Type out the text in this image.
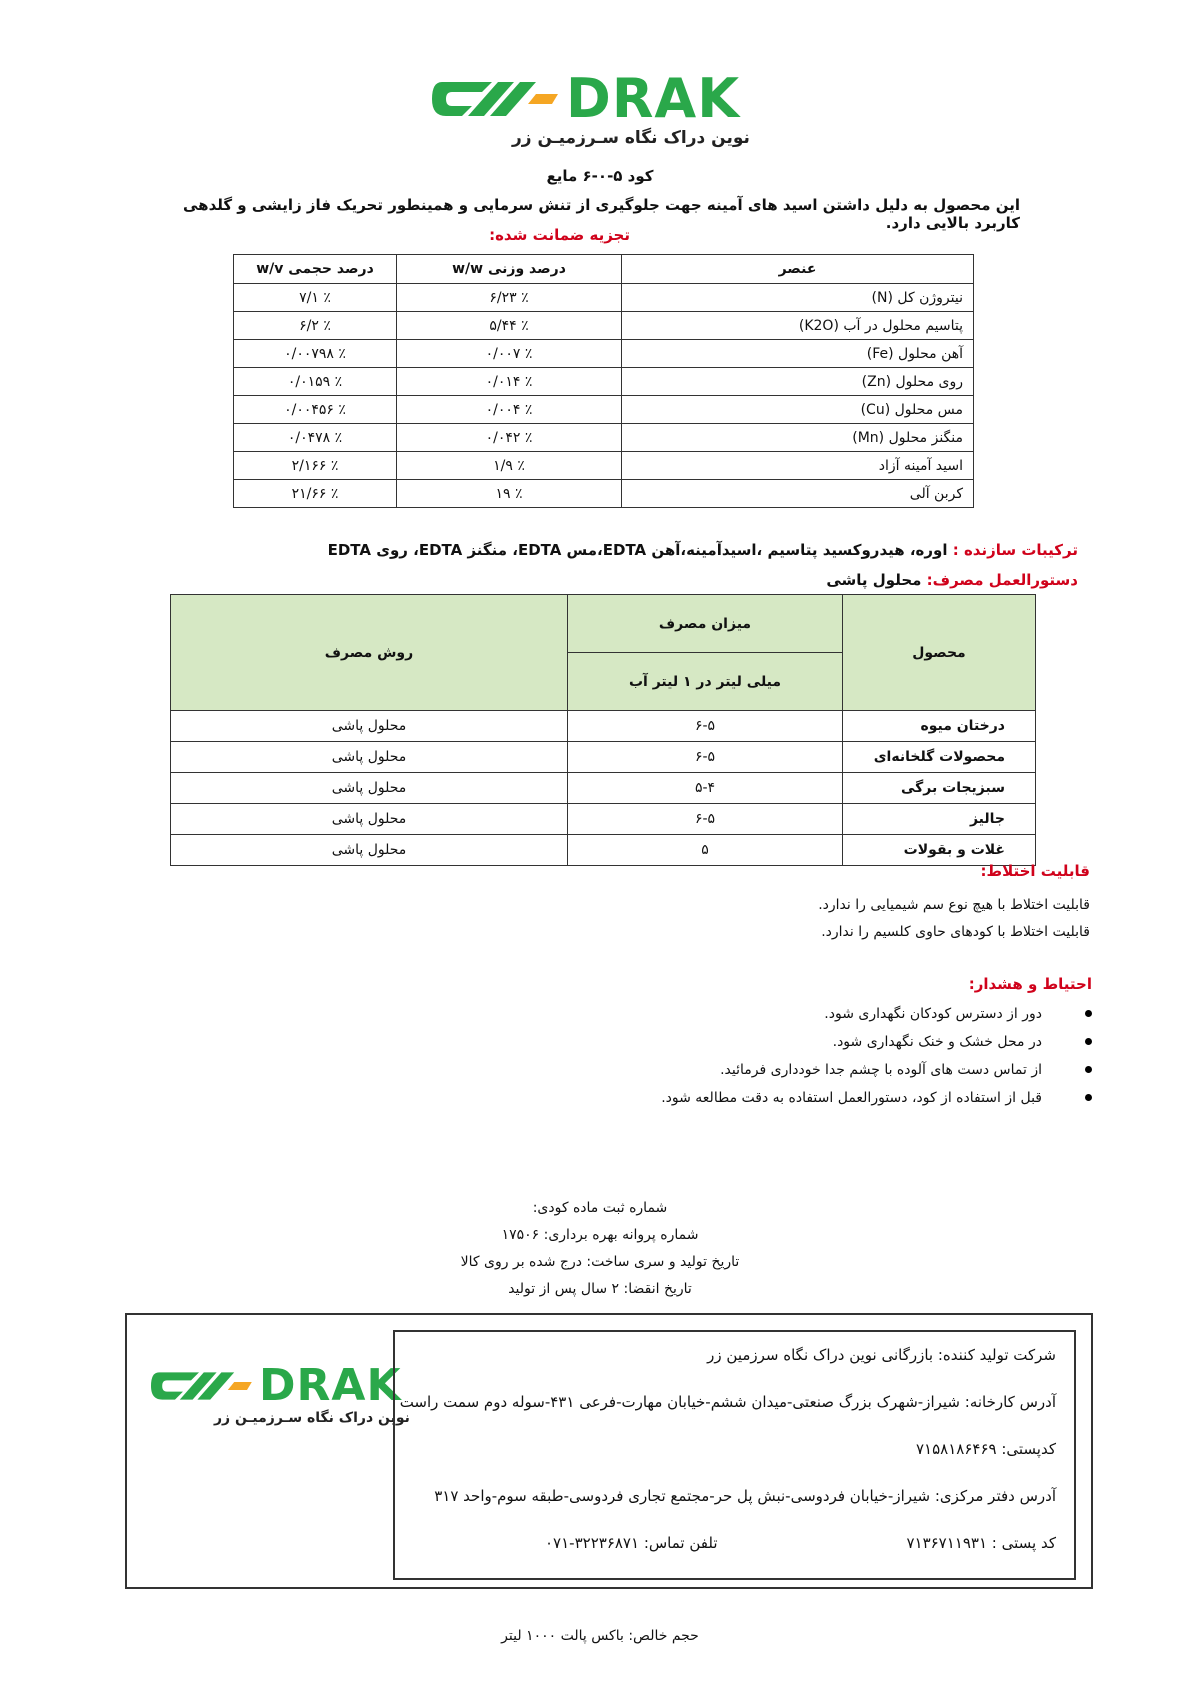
DRAK
نوین دراک نگاه سـرزمیـن زر
کود ۵-۰-۶ مایع
این محصول به دلیل داشتن اسید های آمینه جهت جلوگیری از تنش سرمایی و همینطور تحریک فاز زایشی و گلدهی کاربرد بالایی دارد.
تجزیه ضمانت شده:
عنصر	درصد وزنی w/w	درصد حجمی w/v
نیتروژن کل (N)	٪ ۶/۲۳	٪ ۷/۱
پتاسیم محلول در آب (K2O)	٪ ۵/۴۴	٪ ۶/۲
آهن محلول (Fe)	٪ ۰/۰۰۷	٪ ۰/۰۰۷۹۸
روی محلول (Zn)	٪ ۰/۰۱۴	٪ ۰/۰۱۵۹
مس محلول (Cu)	٪ ۰/۰۰۴	٪ ۰/۰۰۴۵۶
منگنز محلول (Mn)	٪ ۰/۰۴۲	٪ ۰/۰۴۷۸
اسید آمینه آزاد	٪ ۱/۹	٪ ۲/۱۶۶
کربن آلی	٪ ۱۹	٪ ۲۱/۶۶
ترکیبات سازنده : اوره، هیدروکسید پتاسیم ،اسیدآمینه،آهن EDTA،مس EDTA، منگنز EDTA، روی EDTA
دستورالعمل مصرف: محلول پاشی
محصول	میزان مصرف	روش مصرف
	میلی لیتر در ۱ لیتر آب	
درختان میوه	۶-۵	محلول پاشی
محصولات گلخانه‌ای	۶-۵	محلول پاشی
سبزیجات برگی	۵-۴	محلول پاشی
جالیز	۶-۵	محلول پاشی
غلات و بقولات	۵	محلول پاشی
قابلیت اختلاط:
قابلیت اختلاط با هیچ نوع سم شیمیایی را ندارد.
قابلیت اختلاط با کودهای حاوی کلسیم را ندارد.
احتیاط و هشدار:
دور از دسترس کودکان نگهداری شود.
در محل خشک و خنک نگهداری شود.
از تماس دست های آلوده با چشم جدا خودداری فرمائید.
قبل از استفاده از کود، دستورالعمل استفاده به دقت مطالعه شود.
شماره ثبت ماده کودی:
شماره پروانه بهره برداری: ۱۷۵۰۶
تاریخ تولید و سری ساخت: درج شده بر روی کالا
تاریخ انقضا: ۲ سال پس از تولید
DRAK
نوین دراک نگاه سـرزمیـن زر
شرکت تولید کننده: بازرگانی نوین دراک نگاه سرزمین زر
آدرس کارخانه: شیراز-شهرک بزرگ صنعتی-میدان ششم-خیابان مهارت-فرعی ۴۳۱-سوله دوم سمت راست
کدپستی: ۷۱۵۸۱۸۶۴۶۹
آدرس دفتر مرکزی: شیراز-خیابان فردوسی-نبش پل حر-مجتمع تجاری فردوسی-طبقه سوم-واحد ۳۱۷
کد پستی : ۷۱۳۶۷۱۱۹۳۱
تلفن تماس: ۳۲۲۳۶۸۷۱-۰۷۱
حجم خالص: باکس پالت ۱۰۰۰ لیتر
